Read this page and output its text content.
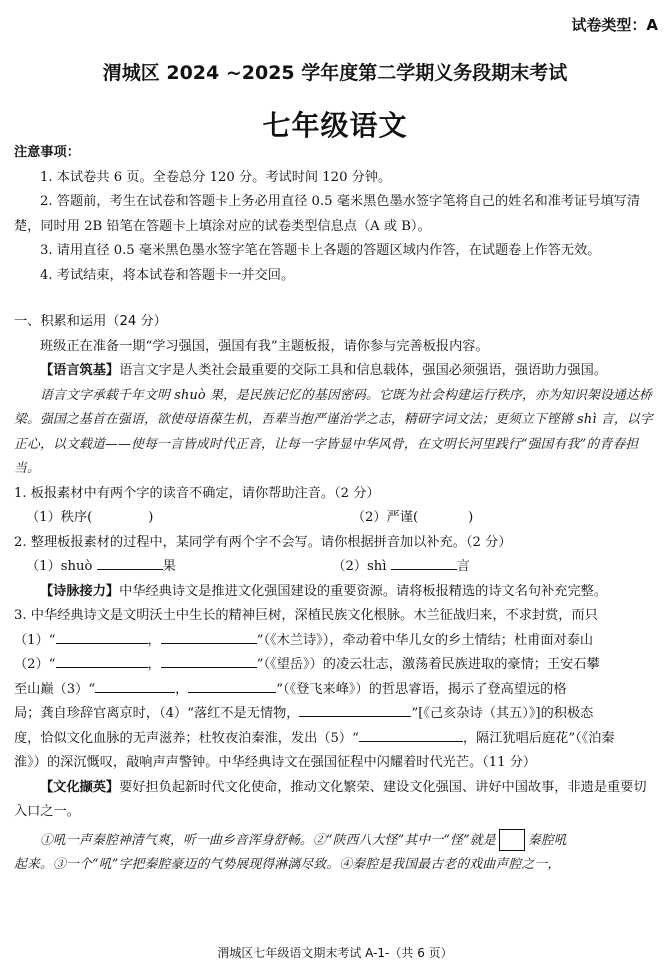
试卷类型：A
渭城区 2024 ~2025 学年度第二学期义务段期末考试
七年级语文

注意事项：

1. 本试卷共 6 页。全卷总分 120 分。考试时间 120 分钟。

2. 答题前，考生在试卷和答题卡上务必用直径 0.5 毫米黑色墨水签字笔将自己的姓名和准考证号填写清楚，同时用 2B 铅笔在答题卡上填涂对应的试卷类型信息点（A 或 B）。

3. 请用直径 0.5 毫米黑色墨水签字笔在答题卡上各题的答题区域内作答，在试题卷上作答无效。

4. 考试结束，将本试卷和答题卡一并交回。

一、积累和运用（24 分）

班级正在准备一期“学习强国，强国有我”主题板报，请你参与完善板报内容。

【语言筑基】语言文字是人类社会最重要的交际工具和信息载体，强国必须强语，强语助力强国。

语言文字承载千年文明 shuò 果，是民族记忆的基因密码。它既为社会构建运行秩序，亦为知识架设通达桥梁。强国之基首在强语，欲使母语葆生机，吾辈当抱严谨治学之志，精研字词文法；更须立下铿锵 shì 言，以字正心，以文载道——使每一言皆成时代正音，让每一字皆显中华风骨，在文明长河里践行“强国有我”的青春担当。

1. 板报素材中有两个字的读音不确定，请你帮助注音。（2 分）

（1）秩序(	)	（2）严谨(	)

2. 整理板报素材的过程中，某同学有两个字不会写。请你根据拼音加以补充。（2 分）

（1）shuò	果	（2）shì	言

【诗脉接力】中华经典诗文是推进文化强国建设的重要资源。请将板报精选的诗文名句补充完整。

3. 中华经典诗文是文明沃土中生长的精神巨树，深植民族文化根脉。木兰征战归来，不求封赏，而只

（1）“	，	”（《木兰诗》），牵动着中华儿女的乡土情结；杜甫面对泰山

（2）“	，	”（《望岳》）的凌云壮志，激荡着民族进取的豪情；王安石攀

至山巅（3）“	，	”（《登飞来峰》）的哲思睿语，揭示了登高望远的格

局；龚自珍辞官离京时，（4）“落红不是无情物，	”[《己亥杂诗（其五）》]的积极态

度，恰似文化血脉的无声滋养；杜牧夜泊秦淮，发出（5）“	，隔江犹唱后庭花”（《泊秦

淮》）的深沉慨叹，敲响声声警钟。中华经典诗文在强国征程中闪耀着时代光芒。（11 分）

【文化撷英】要好担负起新时代文化使命，推动文化繁荣、建设文化强国、讲好中国故事，非遗是重要切入口之一。

①吼一声秦腔神清气爽，听一曲乡音浑身舒畅。②“陕西八大怪”其中一“怪”就是	秦腔吼

起来。③一个“吼”字把秦腔豪迈的气势展现得淋漓尽致。④秦腔是我国最古老的戏曲声腔之一，

渭城区七年级语文期末考试 A-1-（共 6 页）
